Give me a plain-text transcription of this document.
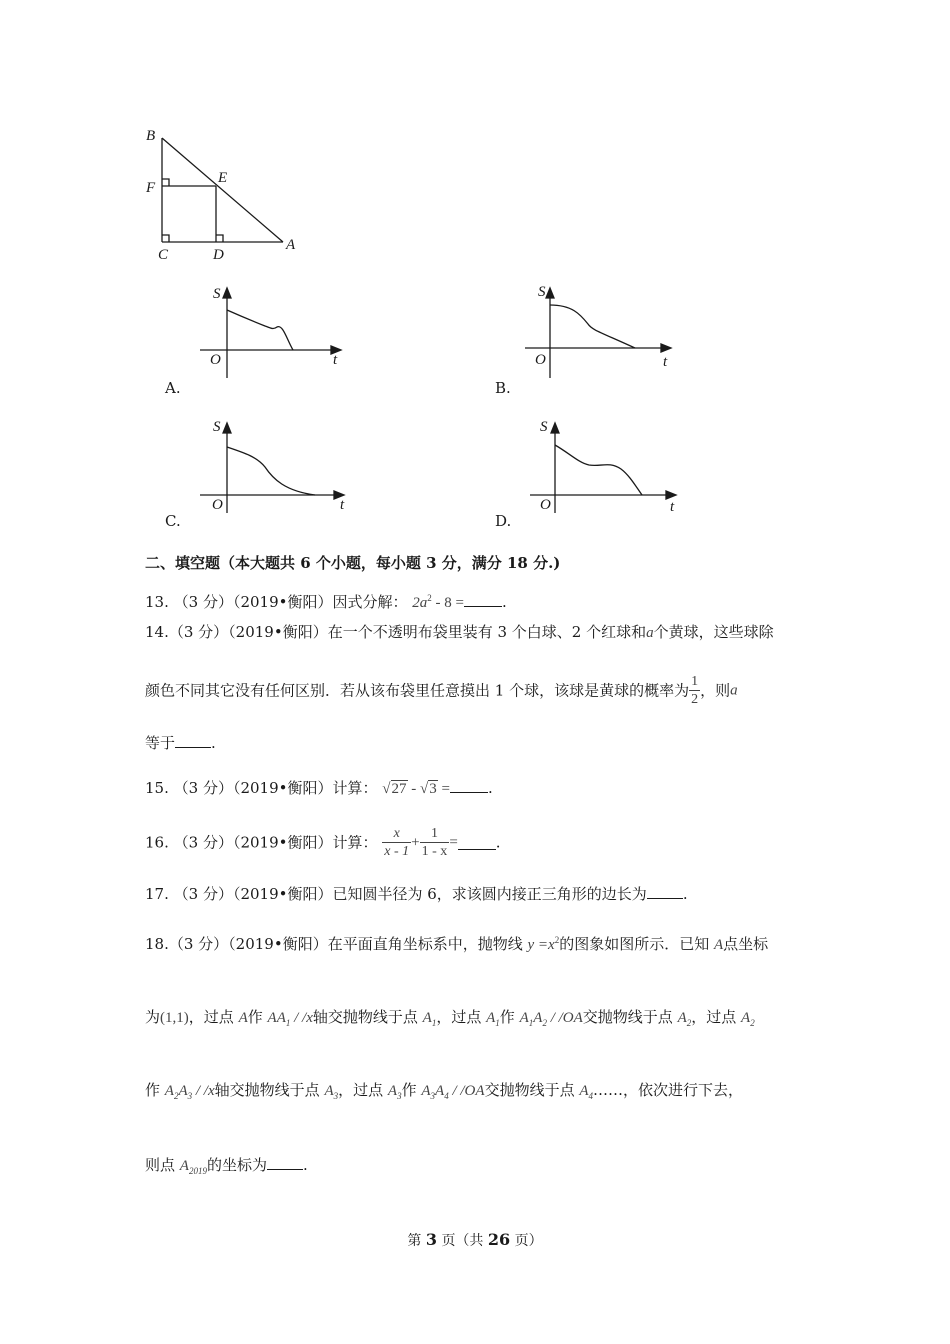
B
F
E
C	D
A
S
O	t
A.
S
O	t
B.
S
O	t
C.
S
O	t
D.
二、填空题（本大题共 6 个小题，每小题 3 分，满分 18 分.)
13. （3 分）（2019•衡阳）因式分解： $2a^2 - 8$ =	.
14.（3 分）（2019•衡阳）在一个不透明布袋里装有 3 个白球、2 个红球和a个黄球，这些球除
颜色不同其它没有任何区别．若从该布袋里任意摸出 1 个球，该球是黄球的概率为 $\frac{1}{2}$ ，则a
等于 .
15. （3 分）（2019•衡阳）计算： √27 - √3 =	.
16. （3 分）（2019•衡阳）计算： $\frac{x}{x - 1} + \frac{1}{1 - x}$ =	.
17. （3 分）（2019•衡阳）已知圆半径为 6，求该圆内接正三角形的边长为 .
18.（3 分）（2019•衡阳）在平面直角坐标系中，抛物线 $y =x^2$的图象如图所示．已知 A点坐标
为(1,1)，过点 A作 $AA_1 / /x$轴交抛物线于点 $A_1$，过点 $A_1$作 $A_1A_2 / /OA$交抛物线于点 $A_2$，过点 $A_2$
作 $A_2A_3 / /x$轴交抛物线于点 $A_3$，过点 $A_3$作 $A_3A_4 / /OA$交抛物线于点 $A_4\dots\dots$，依次进行下去，
则点 $A_{2019}$的坐标为 .
第 3 页（共 26 页）
